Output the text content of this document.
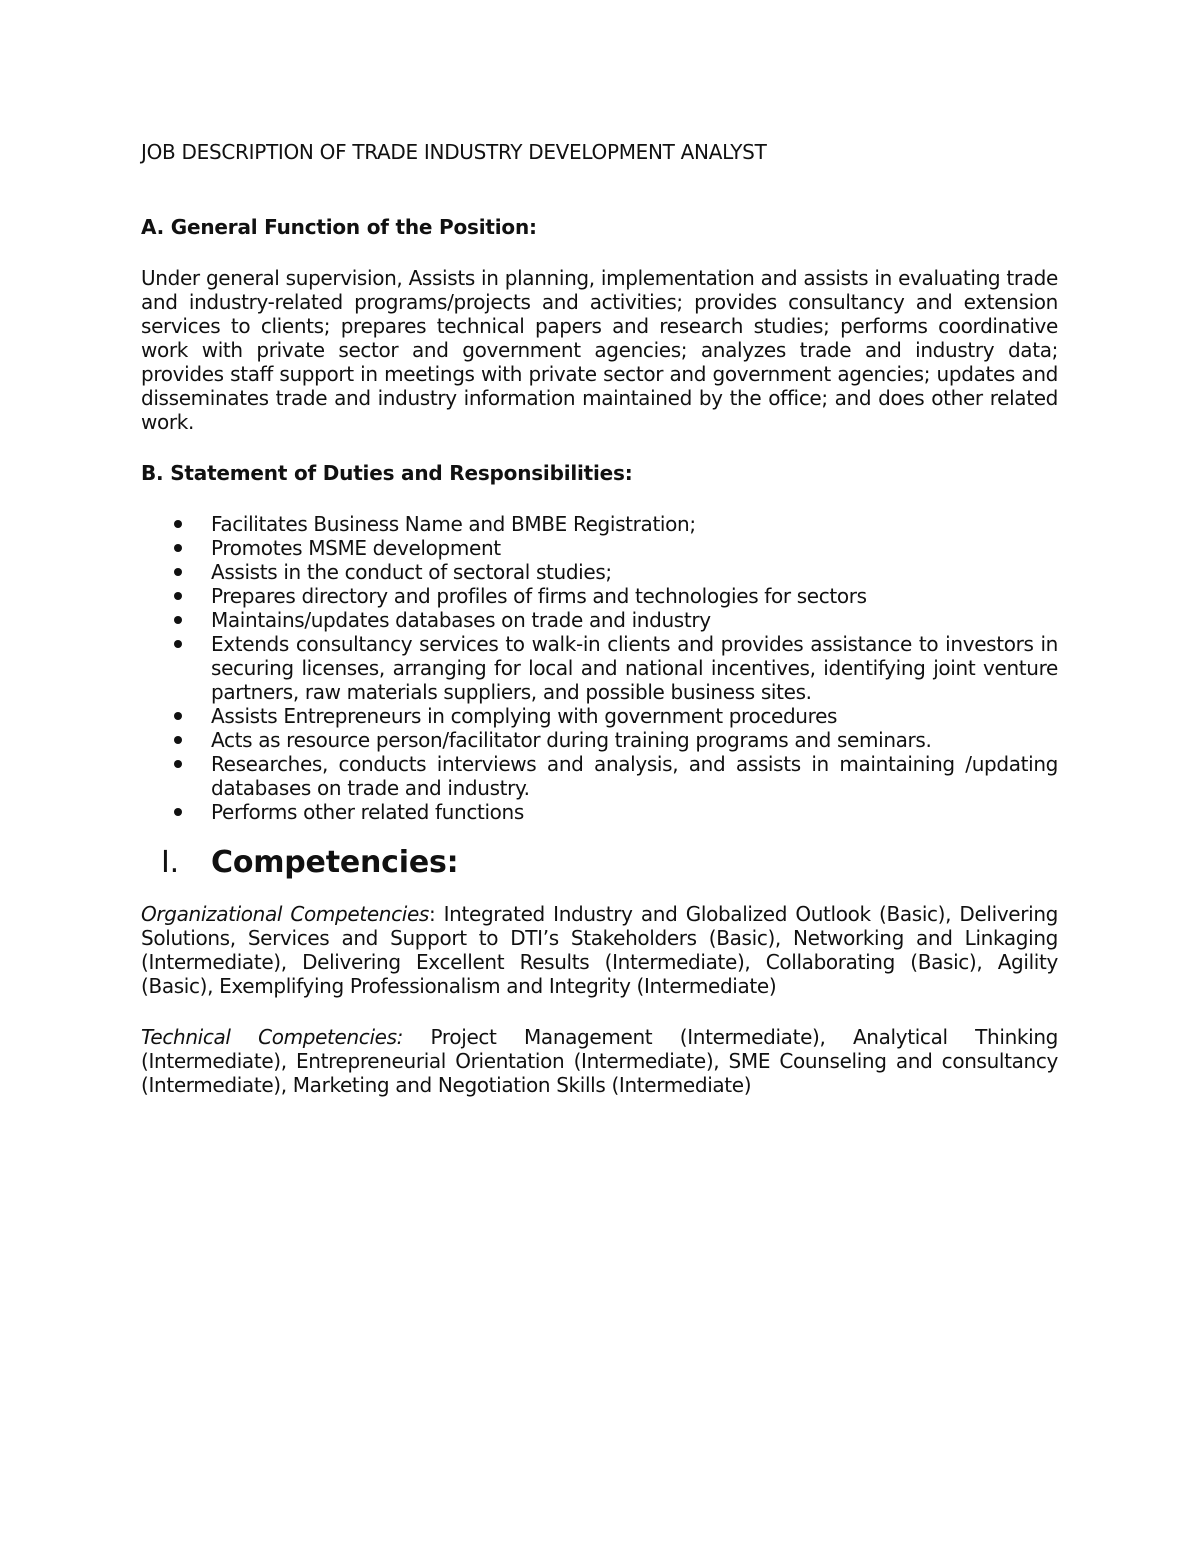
JOB DESCRIPTION OF TRADE INDUSTRY DEVELOPMENT ANALYST
A. General Function of the Position:

Under general supervision, Assists in planning, implementation and assists in evaluating trade and industry-related programs/projects and activities; provides consultancy and extension services to clients; prepares technical papers and research studies; performs coordinative work with private sector and government agencies; analyzes trade and industry data; provides staff support in meetings with private sector and government agencies; updates and disseminates trade and industry information maintained by the office; and does other related work.

B. Statement of Duties and Responsibilities:
Facilitates Business Name and BMBE Registration;
Promotes MSME development
Assists in the conduct of sectoral studies;
Prepares directory and profiles of firms and technologies for sectors
Maintains/updates databases on trade and industry
Extends consultancy services to walk-in clients and provides assistance to investors in securing licenses, arranging for local and national incentives, identifying joint venture partners, raw materials suppliers, and possible business sites.
Assists Entrepreneurs in complying with government procedures
Acts as resource person/facilitator during training programs and seminars.
Researches, conducts interviews and analysis, and assists in maintaining /updating databases on trade and industry.
Performs other related functions
I. Competencies:

Organizational Competencies: Integrated Industry and Globalized Outlook (Basic), Delivering Solutions, Services and Support to DTI’s Stakeholders (Basic), Networking and Linkaging (Intermediate), Delivering Excellent Results (Intermediate), Collaborating (Basic), Agility (Basic), Exemplifying Professionalism and Integrity (Intermediate)

Technical Competencies: Project Management (Intermediate), Analytical Thinking (Intermediate), Entrepreneurial Orientation (Intermediate), SME Counseling and consultancy (Intermediate), Marketing and Negotiation Skills (Intermediate)
